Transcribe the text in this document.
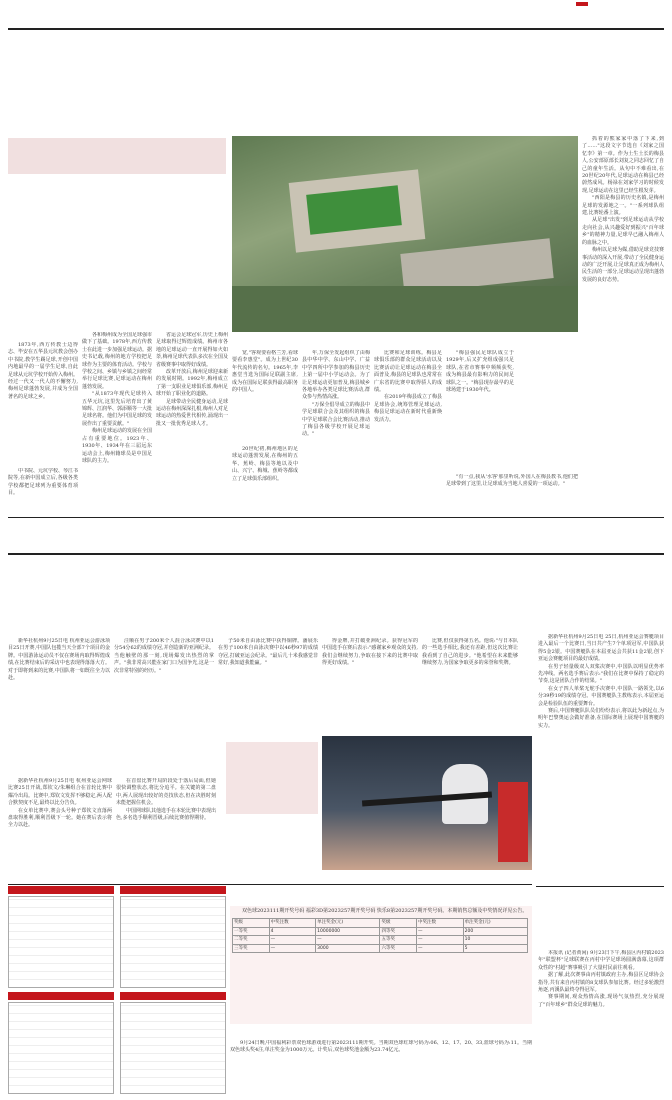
抓着的熊家家中落了下来,到了……"这段文字节选自《刘家之国忆李》第一章。作为土生土长的梅县人,公安部原部长刘复之同志回忆了自己的童年生活。从句中不难看出,在20世纪20年代,足球运动在梅县已经蔚然成风。杨禄在刘家学习的时候发现,足球运动在这里已经生根发芽。

"西阳是梅县的历史名镇,是梅州足球的发源地之一。"一系列球队组建,比赛轮番上演。

从足球"出发"到足球运动从学校走向社会,从兴趣爱好到振兴"百年球乡"的精神力量,足球早已融入梅州人的血脉之中。

梅州以足球为媒,借助足球竞技赛事活动的深入开展,带动了全民健身运动的广泛开展,让足球真正成为梅州人民生活的一部分,足球运动呈现出蓬勃发展的良好态势。

1873年,西方传教士边得志、毕安在五华县元坑教会创办中书院,教学生踢足球,开创中国内地最早的一届学生足球,自此足球从元坑学校开始传入梅州。经过一代又一代人的不懈努力,梅州足球蓬勃发展,并成为全国著名的足球之乡。

中书院、元坑学校、琴江书院等,在新中国成立后,各级各类学校都把足球列为重要体育项目。

各和梅州成为全国足球强市做下了基础。1978年,西方传教士在此进一步加强足球运动。据史书记载,梅州的地方学校把足球作为主要的体育活动。学校与学校之间、乡镇与乡镇之间经常举行足球比赛,足球运动在梅州蓬勃发展。

"从1873年现代足球传入五华元坑,这里先后培育出了黄锦辉、江润华、郭添顺等一大批足球名将。他们为中国足球的发展作出了重要贡献。"

梅州足球运动的发展在全国占有重要地位。1923年、1930年、1934年在三届远东运动会上,梅州籍球员是中国足球队的主力。

省运会足球冠军,历史上梅州足球取得过辉煌成绩。梅州市各地的足球运动一直开展得如火如荼,梅州足球代表队多次在全国及省级赛事中取得好成绩。

改革开放后,梅州足球迎来新的发展时期。1992年,梅州成立了第一支职业足球俱乐部,梅州足球开始了职业化的道路。

足球带动全民健身运动,足球运动在梅州深深扎根,梅州人对足球运动的热爱世代相传,涌现出一批又一批优秀足球人才。

宽,"客观要看格兰芳,看球要看李惠堂"。成为上世纪30年代流传的名句。1965年,李惠堂当选为国际足联副主席,成为在国际足联获得最高职务的中国人。

20世纪初,梅州地区的足球运动蓬勃发展,在梅州的五华、蕉岭、梅县等地以及中山、兴宁、梅城、蕉岭等都成立了足球俱乐部组织。

年,万保全发起组织了由梅县中华中学、东山中学、广益中学四所中学参加的梅县历史上第一届中小学运动会。为了让足球运动更加普及,梅县城乡各地举办各类足球比赛活动,群众参与热情高涨。

"万保全倡导成立的梅县中学足球联合会及其组织的梅县中学足球联合会比赛活动,推动了梅县各级学校开展足球运动。"

比赛和足球训练。梅县足球俱乐部的群众足球活动以及比赛活动让足球运动在梅县全面普及,梅县的足球队也常常在广东省的比赛中取得骄人的成绩。

在2019年梅县成立了梅县足球协会,统筹管理足球运动,梅县足球运动在新时代重新焕发活力。

"梅县强民足球队成立于1929年,后又扩充组成强兴足球队,在省市赛事中频频获奖,成为梅县最有影响力的民间足球队之一。"梅县现存最早的足球场建于1930年代。

"有一点,我从'水客'那里听说,外国人在梅县教书,他们把足球带到了这里,让足球成为当地人喜爱的一项运动。"

新华社杭州9月25日电 杭州亚运会游泳项目25日开赛,中国队包揽当天全部7个项目的金牌。中国游泳运动员不仅在赛场内取得辉煌成绩,在比赛结束后的采访中也表现得落落大方。对于即将到来的比赛,中国队将一如既往全力以赴。

汪顺在男子200米个人混合泳决赛中以1分54分62的成绩夺冠,并创造新的亚洲纪录。当他触壁的那一刻,现场爆发出热烈的掌声。"我非常高兴能在家门口为国争光,这是一次非常特别的经历。"

子50米自由泳比赛中获得铜牌。潘展乐在男子100米自由泳决赛中以46秒97的成绩夺冠,打破亚运会纪录。"最后几十米我感觉非常好,我知道我能赢。"

得金牌,并打破亚洲纪录。获得冠军的中国选手在赛后表示:"感谢家乡观众的支持,我们会继续努力,争取在接下来的比赛中取得更好成绩。"

比赛,但仅获得第五名。他说:"与日本队的一些选手相比,我还有差距,但这次比赛让我看到了自己的进步。"他希望在未来能够继续努力,为国家争取更多的荣誉和奖牌。

据新华社杭州9月25日电 25日,杭州亚运会赛艇项目进入最后一个比赛日,当日共产生7个单项冠军,中国队获得5金2银。中国赛艇队在本届亚运会共获11金2银,创下亚运会赛艇项目的最好成绩。

在男子轻量级双人双桨决赛中,中国队以明显优势率先冲线。两名选手赛后表示:"我们在比赛中保持了稳定的节奏,这是团队合作的结果。"

在女子四人单桨无舵手决赛中,中国队一路领先,以6分39秒19的成绩夺冠。中国赛艇队主教练表示,本届亚运会是检验队伍的重要舞台。

赛后,中国赛艇队队员们纷纷表示,将以此为新起点,为明年巴黎奥运会做好准备,在国际赛场上展现中国赛艇的实力。

据新华社杭州9月25日电 杭州亚运会网球比赛25日开战,郑钦文/朱琳组合在首轮比赛中爆冷出局。比赛中,郑钦文发挥不够稳定,两人配合默契度不足,最终以比分告负。

在女单比赛中,赛会头号种子郑钦文直落两盘取得胜利,顺利晋级下一轮。她在赛后表示将全力以赴。

在首盘比赛开局阶段处于落后局面,但她很快调整状态,将比分追平。在关键的第二盘中,两人展现出较好的竞技状态,但在决胜时刻未能把握住机会。

中国网球队其他选手在本轮比赛中表现出色,多名选手顺利晋级,后续比赛值得期待。

双色球2023111期开奖号码 福彩3D第2023257期开奖号码 快乐8第2023257期开奖号码。本期销售总额及中奖情况详见公告。

奖级	中奖注数	单注奖金(元)	奖级	中奖注数	单注奖金(元)
一等奖	4	10000000	四等奖	—	200
二等奖	—	—	五等奖	—	10
三等奖	—	3000	六等奖	—	5

9月24日晚,中国福利彩票双色球游戏进行第2023111期开奖。当期双色球红球号码为:06、12、17、20、33,蓝球号码为:11。当期双色球头奖4注,单注奖金为1000万元。计奖后,双色球奖池金额为23.74亿元。

本报讯 (记者黄闲) 9月23日下午,梅县区丙村镇2023年"联盟杯"足球联赛在丙村中学足球场圆满落幕,这项群众性的"村超"赛事吸引了大量村民前往观看。

据了解,此次赛事由丙村镇政府主办,梅县区足球协会指导,共有来自丙村镇的8支球队参加比赛。经过多轮激烈角逐,丙溪队最终夺得冠军。

赛事期间,观众热情高涨,现场气氛热烈,充分展现了"百年球乡"群众足球的魅力。
